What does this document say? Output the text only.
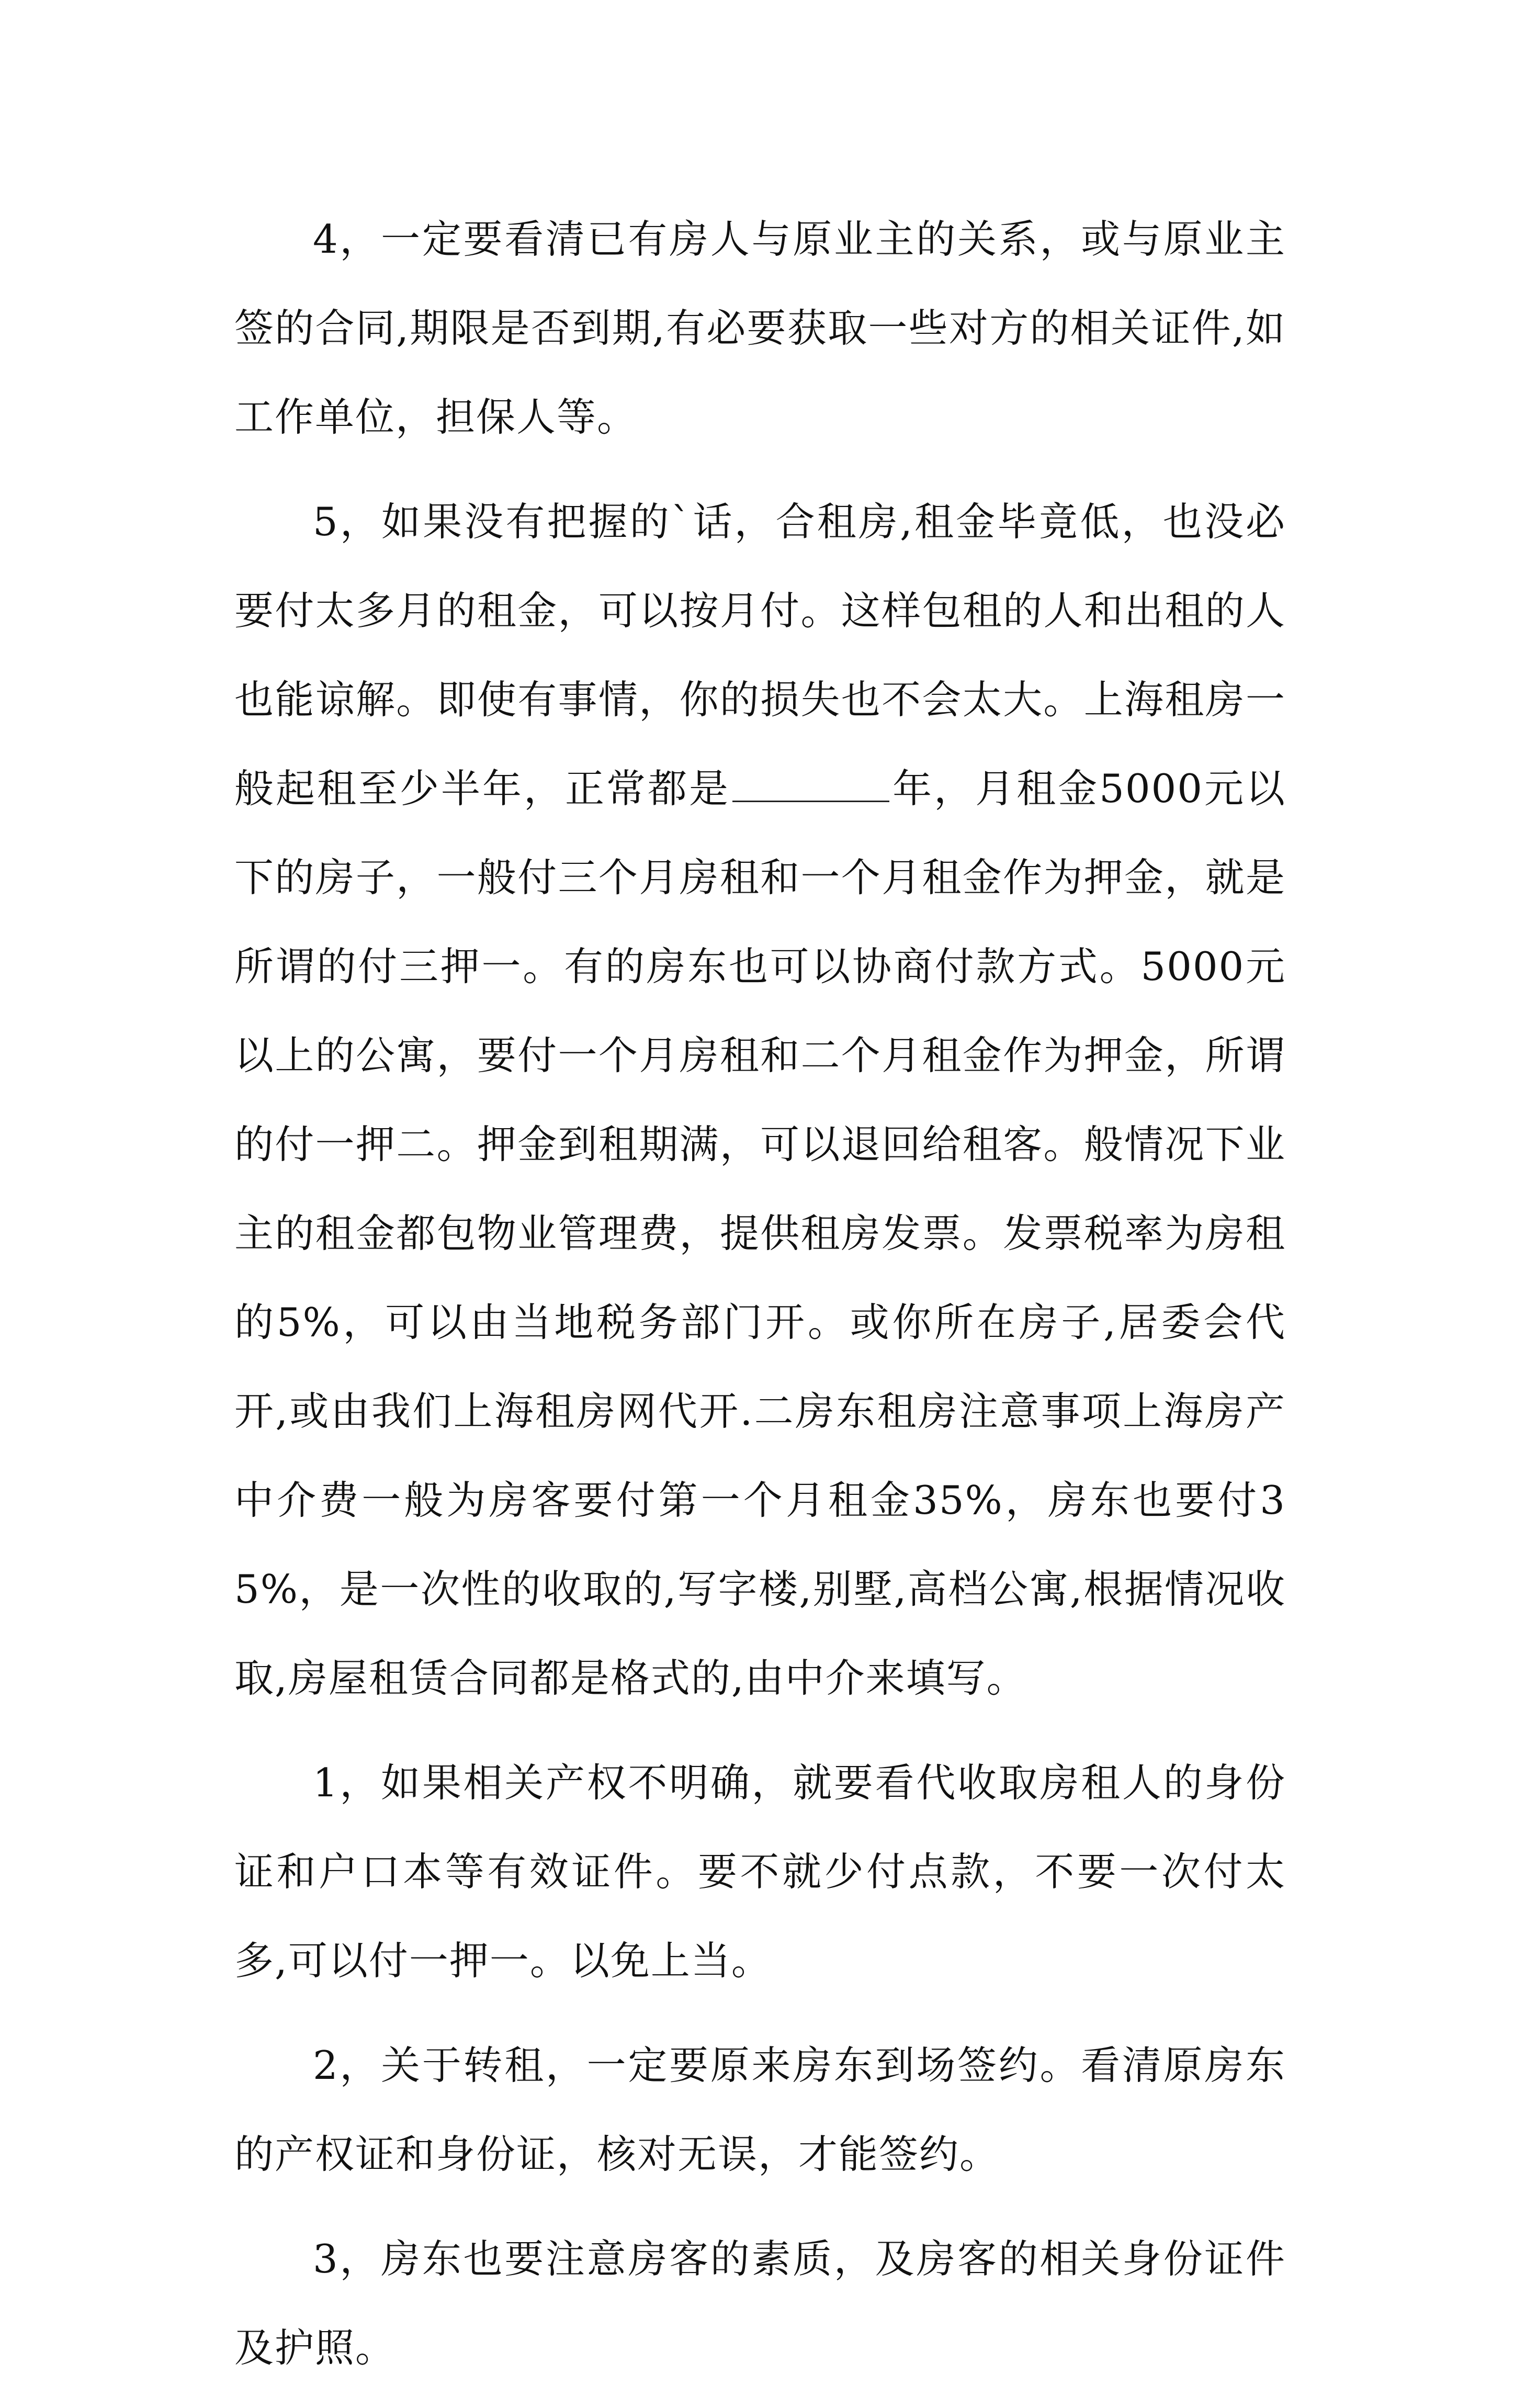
4，一定要看清已有房人与原业主的关系，或与原业主签的合同,期限是否到期,有必要获取一些对方的相关证件,如工作单位，担保人等。

5，如果没有把握的`话，合租房,租金毕竟低，也没必要付太多月的租金，可以按月付。这样包租的人和出租的人也能谅解。即使有事情，你的损失也不会太大。上海租房一般起租至少半年，正常都是	年，月租金5000元以下的房子，一般付三个月房租和一个月租金作为押金，就是所谓的付三押一。有的房东也可以协商付款方式。5000元以上的公寓，要付一个月房租和二个月租金作为押金，所谓的付一押二。押金到租期满，可以退回给租客。般情况下业主的租金都包物业管理费，提供租房发票。发票税率为房租的5%，可以由当地税务部门开。或你所在房子,居委会代开,或由我们上海租房网代开.二房东租房注意事项上海房产中介费一般为房客要付第一个月租金35%，房东也要付35%，是一次性的收取的,写字楼,别墅,高档公寓,根据情况收取,房屋租赁合同都是格式的,由中介来填写。

1，如果相关产权不明确，就要看代收取房租人的身份证和户口本等有效证件。要不就少付点款，不要一次付太多,可以付一押一。以免上当。

2，关于转租，一定要原来房东到场签约。看清原房东的产权证和身份证，核对无误，才能签约。

3，房东也要注意房客的素质，及房客的相关身份证件及护照。
